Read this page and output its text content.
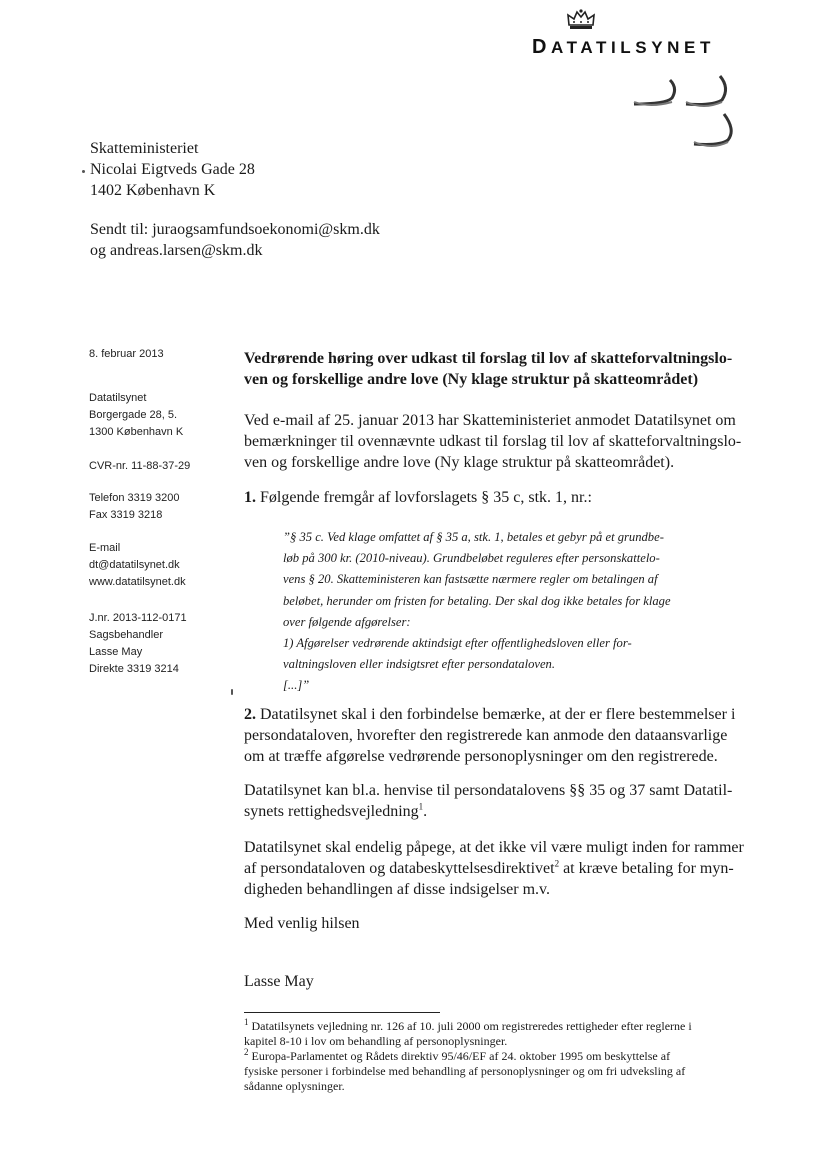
DATATILSYNET
Skatteministeriet
Nicolai Eigtveds Gade 28
1402 København K
Sendt til: juraogsamfundsoekonomi@skm.dk
og andreas.larsen@skm.dk
8. februar 2013
Datatilsynet
Borgergade 28, 5.
1300 København K
CVR-nr. 11-88-37-29
Telefon 3319 3200
Fax 3319 3218
E-mail
dt@datatilsynet.dk
www.datatilsynet.dk
J.nr. 2013-112-0171
Sagsbehandler
Lasse May
Direkte 3319 3214
Vedrørende høring over udkast til forslag til lov af skatteforvaltningslo-
ven og forskellige andre love (Ny klage struktur på skatteområdet)
Ved e-mail af 25. januar 2013 har Skatteministeriet anmodet Datatilsynet om
bemærkninger til ovennævnte udkast til forslag til lov af skatteforvaltningslo-
ven og forskellige andre love (Ny klage struktur på skatteområdet).
1. Følgende fremgår af lovforslagets § 35 c, stk. 1, nr.:
”§ 35 c. Ved klage omfattet af § 35 a, stk. 1, betales et gebyr på et grundbe-
løb på 300 kr. (2010-niveau). Grundbeløbet reguleres efter personskattelo-
vens § 20. Skatteministeren kan fastsætte nærmere regler om betalingen af
beløbet, herunder om fristen for betaling. Der skal dog ikke betales for klage
over følgende afgørelser:
1) Afgørelser vedrørende aktindsigt efter offentlighedsloven eller for-
valtningsloven eller indsigtsret efter persondataloven.
[...]”
2. Datatilsynet skal i den forbindelse bemærke, at der er flere bestemmelser i
persondataloven, hvorefter den registrerede kan anmode den dataansvarlige
om at træffe afgørelse vedrørende personoplysninger om den registrerede.
Datatilsynet kan bl.a. henvise til persondatalovens §§ 35 og 37 samt Datatil-
synets rettighedsvejledning$^1$.
Datatilsynet skal endelig påpege, at det ikke vil være muligt inden for rammer
af persondataloven og databeskyttelsesdirektivet$^2$ at kræve betaling for myn-
digheden behandlingen af disse indsigelser m.v.
Med venlig hilsen
Lasse May
$^1$ Datatilsynets vejledning nr. 126 af 10. juli 2000 om registreredes rettigheder efter reglerne i
kapitel 8-10 i lov om behandling af personoplysninger.
$^2$ Europa-Parlamentet og Rådets direktiv 95/46/EF af 24. oktober 1995 om beskyttelse af
fysiske personer i forbindelse med behandling af personoplysninger og om fri udveksling af
sådanne oplysninger.
